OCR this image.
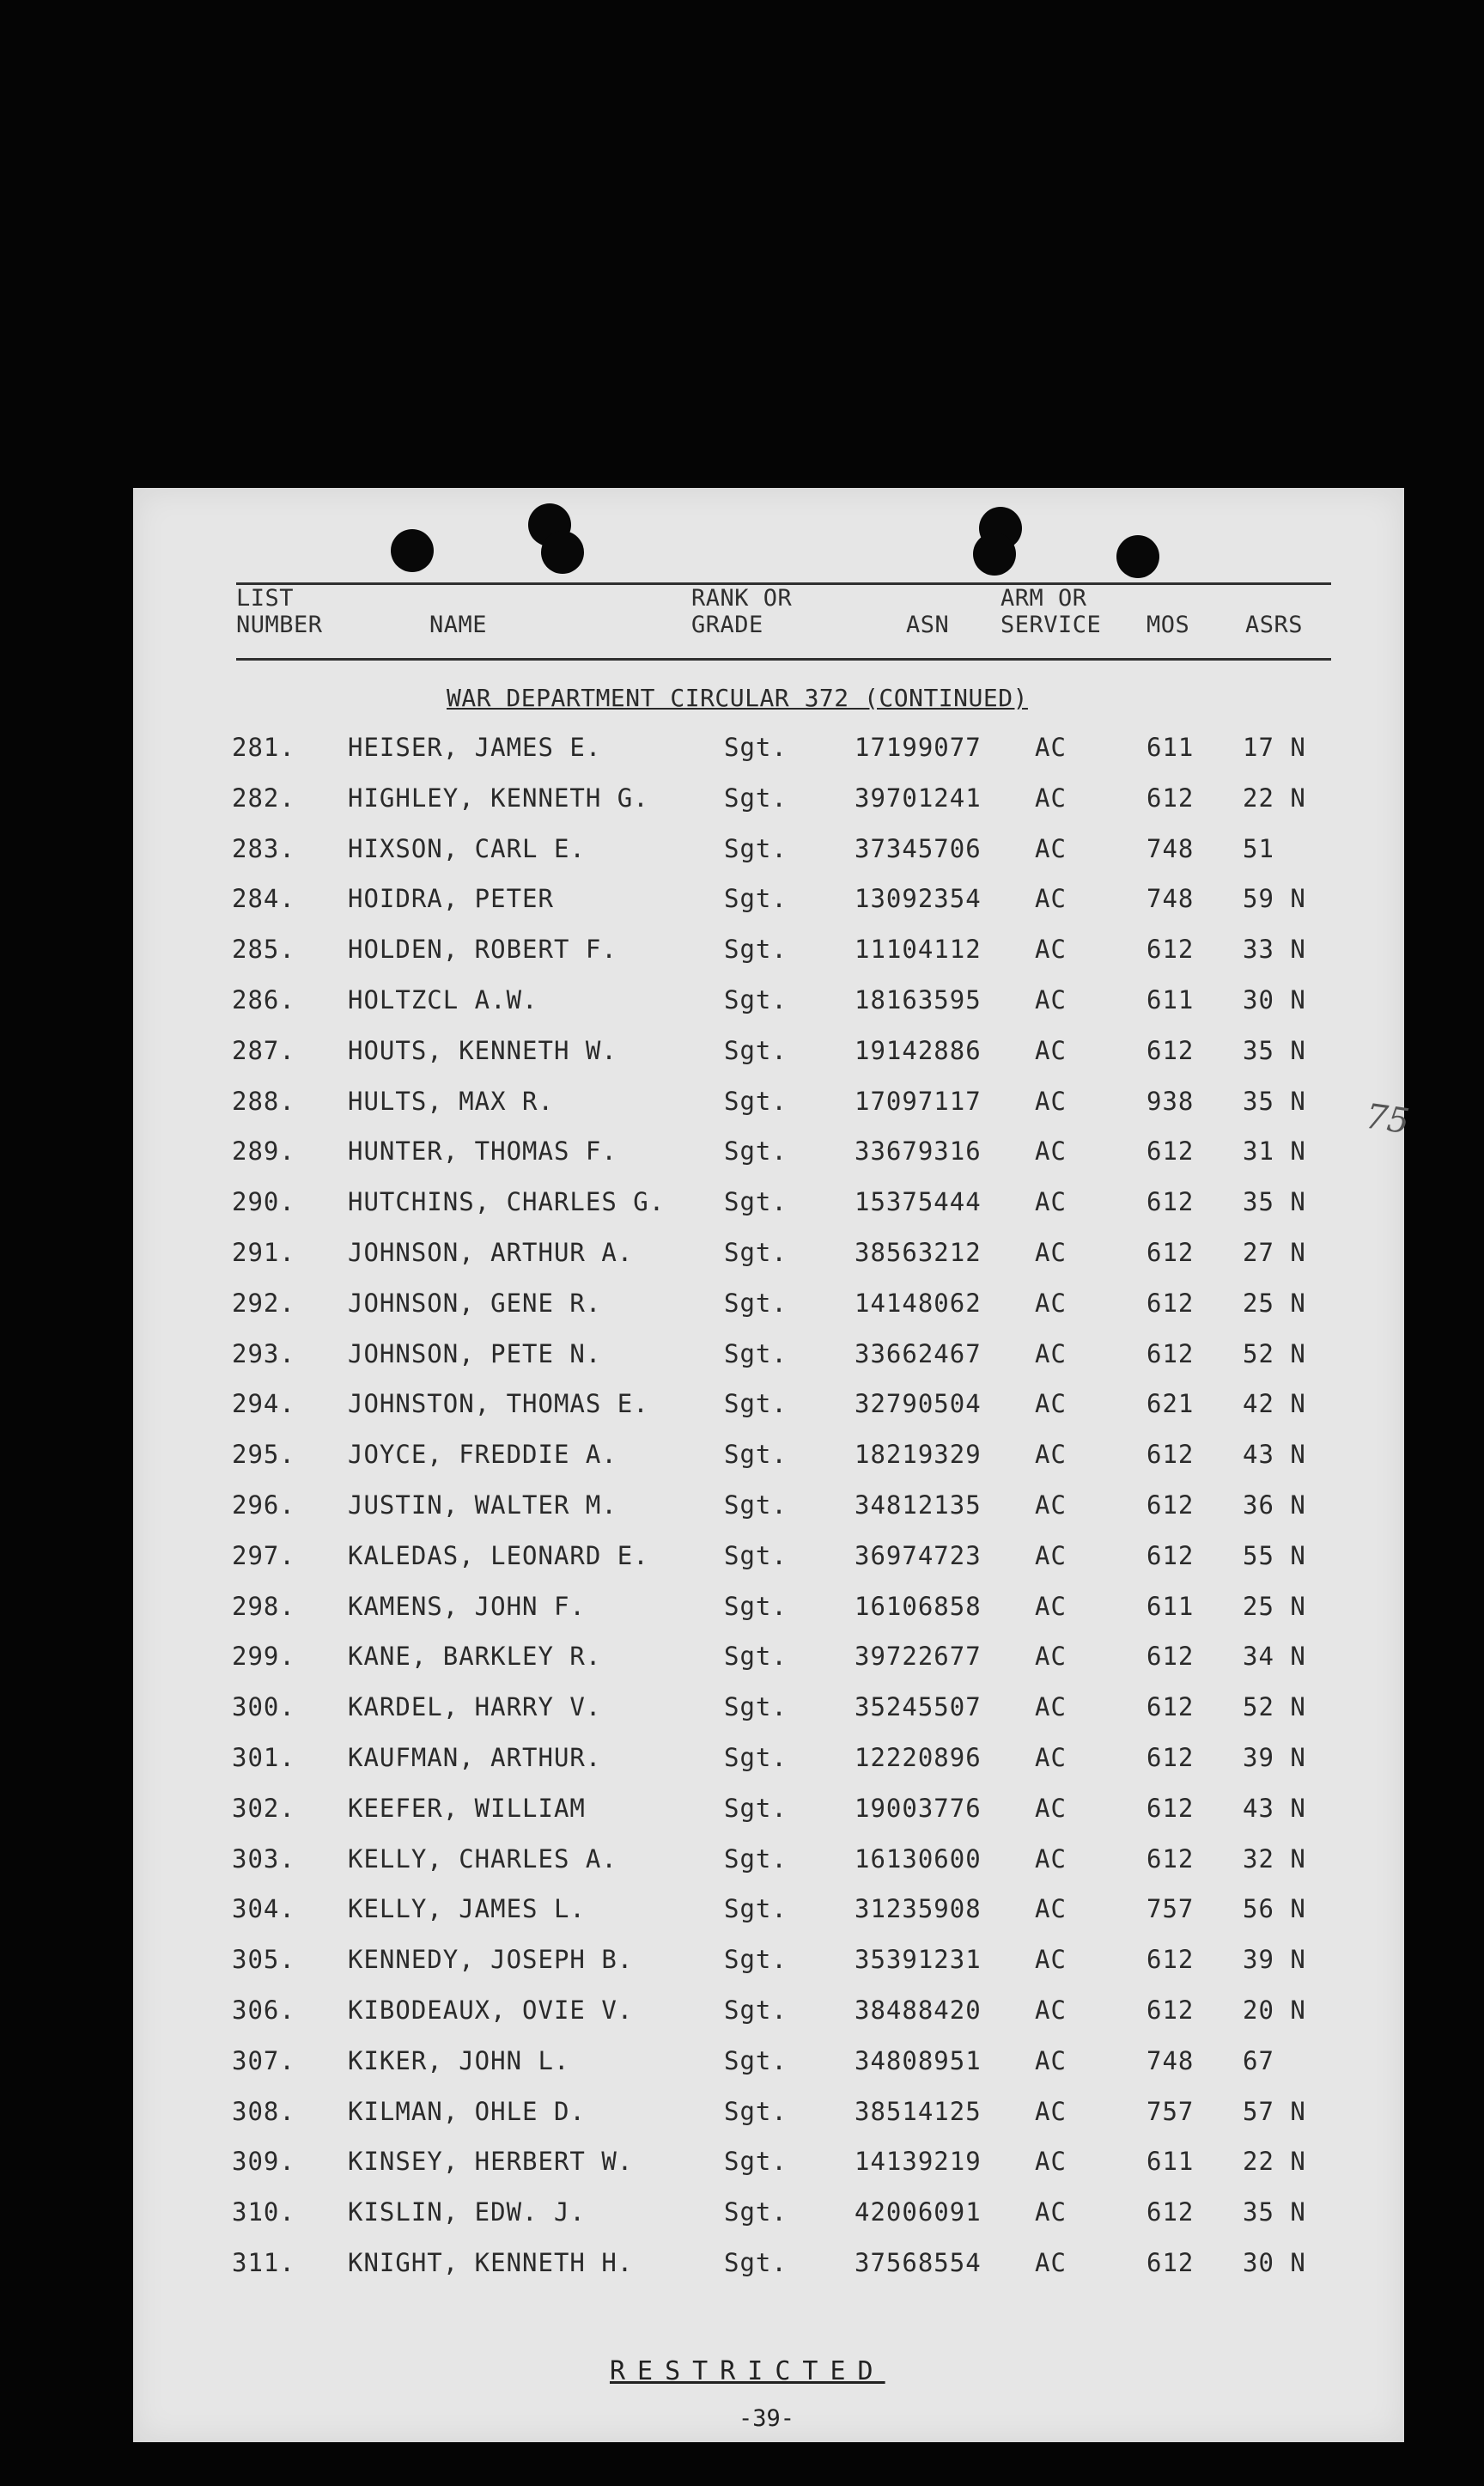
LIST
NUMBER	NAME
RANK OR
GRADE	ASN
ARM OR
SERVICE MOS ASRS
WAR DEPARTMENT CIRCULAR 372 (CONTINUED)
281. HEISER, JAMES E.	Sgt.	17199077 AC	611 17 N
282. HIGHLEY, KENNETH G.	Sgt.	39701241 AC	612 22 N
283. HIXSON, CARL E.	Sgt.	37345706 AC	748 51
284. HOIDRA, PETER	Sgt.	13092354 AC	748 59 N
285. HOLDEN, ROBERT F.	Sgt.	11104112 AC	612 33 N
286. HOLTZCL A.W.	Sgt.	18163595 AC	611 30 N
287. HOUTS, KENNETH W.	Sgt.	19142886 AC	612 35 N
288. HULTS, MAX R.	Sgt.	17097117 AC	938 35 N
289. HUNTER, THOMAS F.	Sgt.	33679316 AC	612 31 N
290. HUTCHINS, CHARLES G. Sgt.	15375444 AC	612 35 N
291. JOHNSON, ARTHUR A.	Sgt.	38563212 AC	612 27 N
292. JOHNSON, GENE R.	Sgt.	14148062 AC	612 25 N
293. JOHNSON, PETE N.	Sgt.	33662467 AC	612 52 N
294. JOHNSTON, THOMAS E.	Sgt.	32790504 AC	621 42 N
295. JOYCE, FREDDIE A.	Sgt.	18219329 AC	612 43 N
296. JUSTIN, WALTER M.	Sgt.	34812135 AC	612 36 N
297. KALEDAS, LEONARD E.	Sgt.	36974723 AC	612 55 N
298. KAMENS, JOHN F.	Sgt.	16106858 AC	611 25 N
299. KANE, BARKLEY R.	Sgt.	39722677 AC	612 34 N
300. KARDEL, HARRY V.	Sgt.	35245507 AC	612 52 N
301. KAUFMAN, ARTHUR.	Sgt.	12220896 AC	612 39 N
302. KEEFER, WILLIAM	Sgt.	19003776 AC	612 43 N
303. KELLY, CHARLES A.	Sgt.	16130600 AC	612 32 N
304. KELLY, JAMES L.	Sgt.	31235908 AC	757 56 N
305. KENNEDY, JOSEPH B.	Sgt.	35391231 AC	612 39 N
306. KIBODEAUX, OVIE V.	Sgt.	38488420 AC	612 20 N
307. KIKER, JOHN L.	Sgt.	34808951 AC	748 67
308. KILMAN, OHLE D.	Sgt.	38514125 AC	757 57 N
309. KINSEY, HERBERT W.	Sgt.	14139219 AC	611 22 N
310. KISLIN, EDW. J.	Sgt.	42006091 AC	612 35 N
311. KNIGHT, KENNETH H.	Sgt.	37568554 AC	612 30 N
75
RESTRICTED
-39-
